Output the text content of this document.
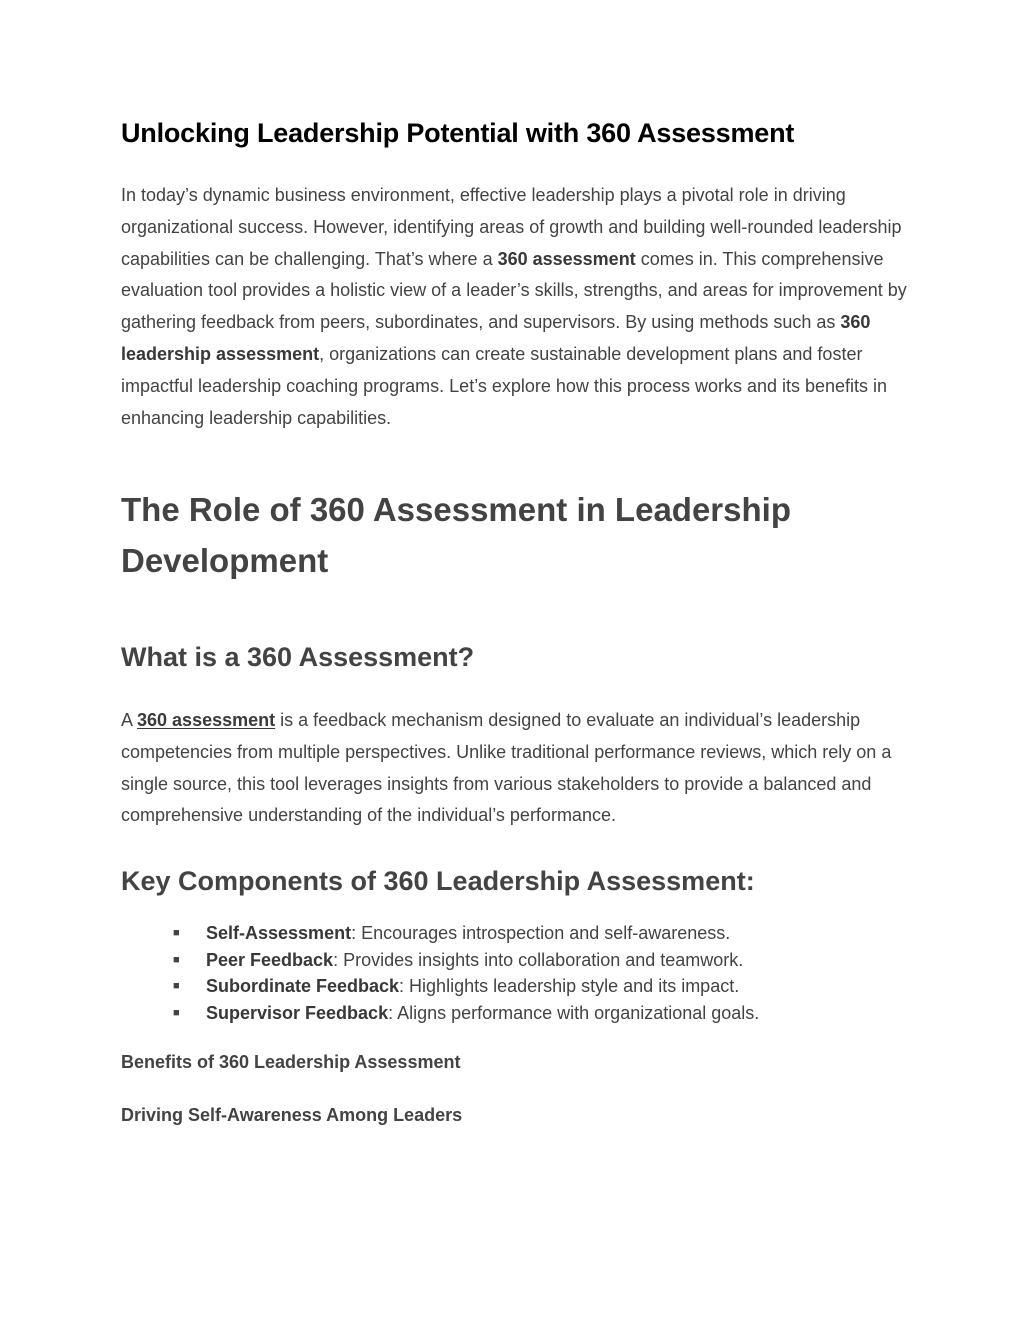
Unlocking Leadership Potential with 360 Assessment

In today’s dynamic business environment, effective leadership plays a pivotal role in driving organizational success. However, identifying areas of growth and building well-rounded leadership capabilities can be challenging. That’s where a 360 assessment comes in. This comprehensive evaluation tool provides a holistic view of a leader’s skills, strengths, and areas for improvement by gathering feedback from peers, subordinates, and supervisors. By using methods such as 360 leadership assessment, organizations can create sustainable development plans and foster impactful leadership coaching programs. Let’s explore how this process works and its benefits in enhancing leadership capabilities.

The Role of 360 Assessment in Leadership Development
What is a 360 Assessment?

A 360 assessment is a feedback mechanism designed to evaluate an individual’s leadership competencies from multiple perspectives. Unlike traditional performance reviews, which rely on a single source, this tool leverages insights from various stakeholders to provide a balanced and comprehensive understanding of the individual’s performance.

Key Components of 360 Leadership Assessment:
■ Self-Assessment: Encourages introspection and self-awareness.
■ Peer Feedback: Provides insights into collaboration and teamwork.
■ Subordinate Feedback: Highlights leadership style and its impact.
■ Supervisor Feedback: Aligns performance with organizational goals.
Benefits of 360 Leadership Assessment
Driving Self-Awareness Among Leaders
